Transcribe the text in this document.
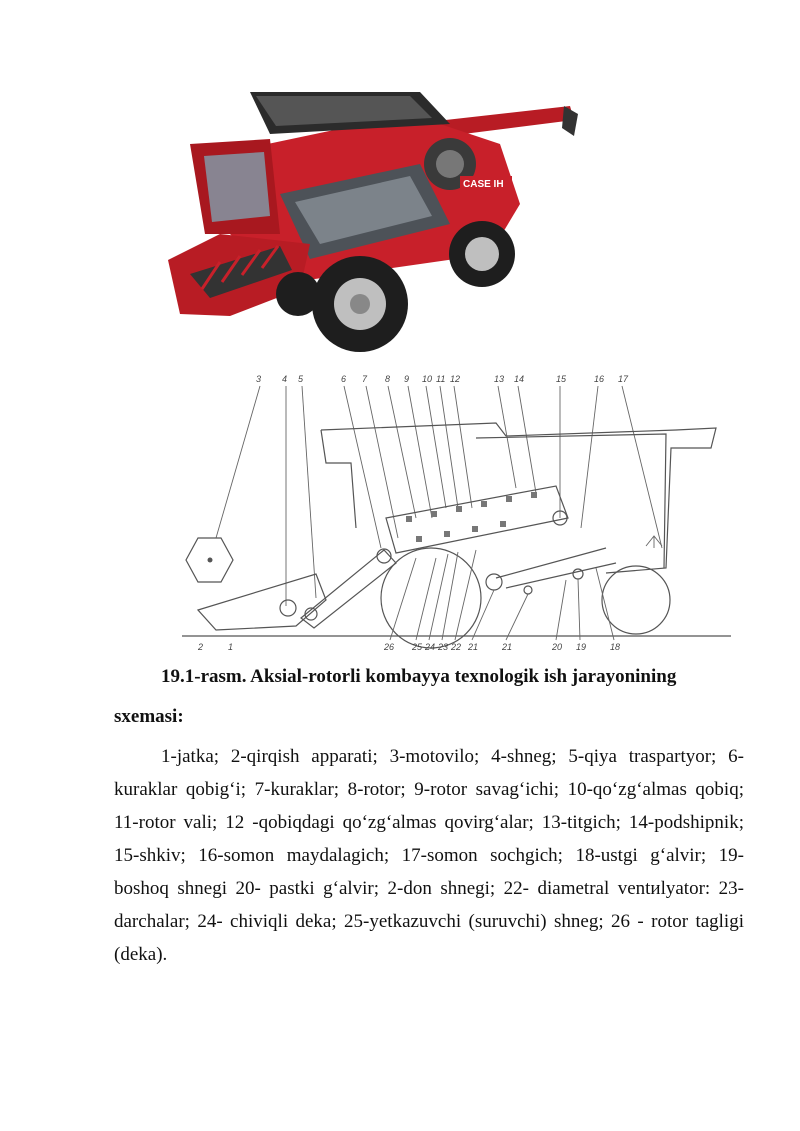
CASE IH
3 4 5	6 7 8 9 10 11 12	13 14	15	16 17
2	1	26 25 24 23 22 21	21	20 19	18
19.1-rasm. Aksial-rotorli kombayya texnologik ish jarayonining
sxemasi:
1-jatka; 2-qirqish apparati; 3-motovilo; 4-shneg; 5-qiya traspartyor; 6-kuraklar qobig‘i; 7-kuraklar; 8-rotor; 9-rotor savag‘ichi; 10-qo‘zg‘almas qobiq; 11-rotor vali; 12 -qobiqdagi qo‘zg‘almas qovirg‘alar; 13-titgich; 14-podshipnik; 15-shkiv; 16-somon maydalagich; 17-somon sochgich; 18-ustgi g‘alvir; 19-boshoq shnegi 20- pastki g‘alvir; 2-don shnegi; 22- diametral ventиlyator: 23-darchalar; 24- chiviqli deka; 25-yetkazuvchi (suruvchi) shneg; 26 - rotor tagligi (deka).
